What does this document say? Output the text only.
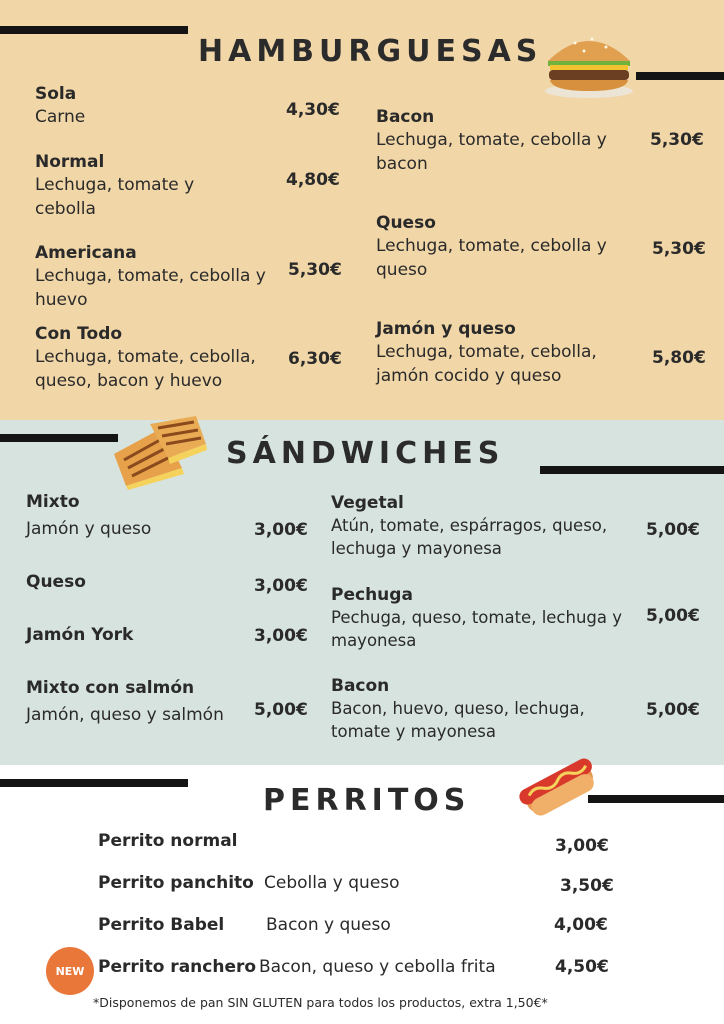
HAMBURGUESAS
Sola
Carne	4,30€
Normal
Lechuga, tomate y cebolla
4,80€
Americana
Lechuga, tomate, cebolla y huevo
5,30€
Con Todo
Lechuga, tomate, cebolla, queso, bacon y huevo
6,30€
Bacon
Lechuga, tomate, cebolla y bacon
5,30€
Queso
Lechuga, tomate, cebolla y queso
5,30€
Jamón y queso
Lechuga, tomate, cebolla, jamón cocido y queso
5,80€
SÁNDWICHES
Mixto
Jamón y queso	3,00€
Queso	3,00€
Jamón York	3,00€
Mixto con salmón
Jamón, queso y salmón 5,00€
Vegetal
Atún, tomate, espárragos, queso, lechuga y mayonesa
5,00€
Pechuga
Pechuga, queso, tomate, lechuga y mayonesa
5,00€
Bacon
Bacon, huevo, queso, lechuga, tomate y mayonesa
5,00€
PERRITOS
Perrito normal	3,00€
Perrito panchito Cebolla y queso	3,50€
Perrito Babel Bacon y queso	4,00€
NEW Perrito ranchero Bacon, queso y cebolla frita	4,50€
*Disponemos de pan SIN GLUTEN para todos los productos, extra 1,50€*
